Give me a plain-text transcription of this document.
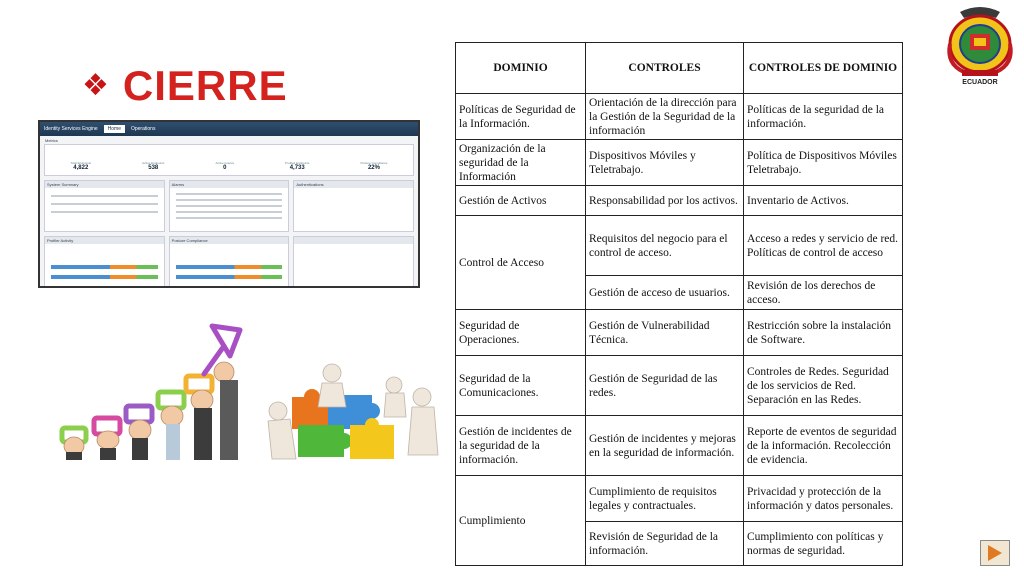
❖ CIERRE
Identity Services Engine	Home	Operations
Metrics
Total Endpoints
4,822
Active Endpoints
538
Active Guests
0
Profiled Endpoints
4,733
Posture Compliance
22%
System Summary	Alarms	Authentications
Profiler Activity	Posture Compliance
DOMINIO	CONTROLES	CONTROLES DE DOMINIO
Políticas de Seguridad de la Información.	Orientación de la dirección para la Gestión de la Seguridad de la información	Políticas de la seguridad de la información.
Organización de la seguridad de la Información	Dispositivos Móviles y Teletrabajo.	Política de Dispositivos Móviles Teletrabajo.
Gestión de Activos	Responsabilidad por los activos.	Inventario de Activos.
Control de Acceso	Requisitos del negocio para el control de acceso.	Acceso a redes y servicio de red. Políticas de control de acceso
	Gestión de acceso de usuarios.	Revisión de los derechos de acceso.
Seguridad de Operaciones.	Gestión de Vulnerabilidad Técnica.	Restricción sobre la instalación de Software.
Seguridad de la Comunicaciones.	Gestión de Seguridad de las redes.	Controles de Redes. Seguridad de los servicios de Red. Separación en las Redes.
Gestión de incidentes de la seguridad de la información.	Gestión de incidentes y mejoras en la seguridad de información.	Reporte de eventos de seguridad de la información. Recolección de evidencia.
Cumplimiento	Cumplimiento de requisitos legales y contractuales.	Privacidad y protección de la información y datos personales.
	Revisión de Seguridad de la información.	Cumplimiento con políticas y normas de seguridad.
ECUADOR
